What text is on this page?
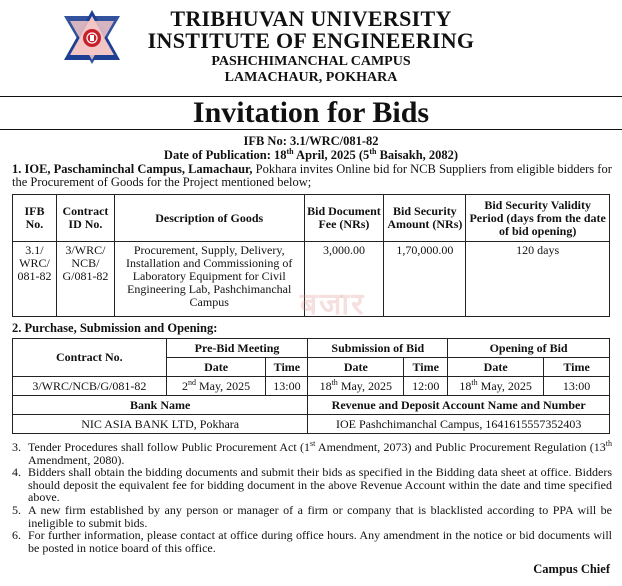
TRIBHUVAN UNIVERSITY
INSTITUTE OF ENGINEERING
PASHCHIMANCHAL CAMPUS
LAMACHAUR, POKHARA
Invitation for Bids
IFB No: 3.1/WRC/081-82
Date of Publication: 18th April, 2025 (5th Baisakh, 2082)
1. IOE, Paschaminchal Campus, Lamachaur, Pokhara invites Online bid for NCB Suppliers from eligible bidders for the Procurement of Goods for the Project mentioned below;
IFB No.	Contract ID No.	Description of Goods	Bid Document Fee (NRs)	Bid Security Amount (NRs)	Bid Security Validity Period (days from the date of bid opening)
3.1/ WRC/ 081-82	3/WRC/ NCB/ G/081-82	Procurement, Supply, Delivery, Installation and Commissioning of Laboratory Equipment for Civil Engineering Lab, Pashchimanchal Campus	3,000.00	1,70,000.00	120 days
बजार
2. Purchase, Submission and Opening:
Contract No.	Pre-Bid Meeting		Submission of Bid		Opening of Bid	
	Date	Time	Date	Time	Date	Time
3/WRC/NCB/G/081-82	2nd May, 2025	13:00	18th May, 2025	12:00	18th May, 2025	13:00
Bank Name			Revenue and Deposit Account Name and Number			
NIC ASIA BANK LTD, Pokhara			IOE Pashchimanchal Campus, 1641615557352403			
3. Tender Procedures shall follow Public Procurement Act (1st Amendment, 2073) and Public Procurement Regulation (13th Amendment, 2080).
4. Bidders shall obtain the bidding documents and submit their bids as specified in the Bidding data sheet at office. Bidders should deposit the equivalent fee for bidding document in the above Revenue Account within the date and time specified above.
5. A new firm established by any person or manager of a firm or company that is blacklisted according to PPA will be ineligible to submit bids.
6. For further information, please contact at office during office hours. Any amendment in the notice or bid documents will be posted in notice board of this office.
Campus Chief
